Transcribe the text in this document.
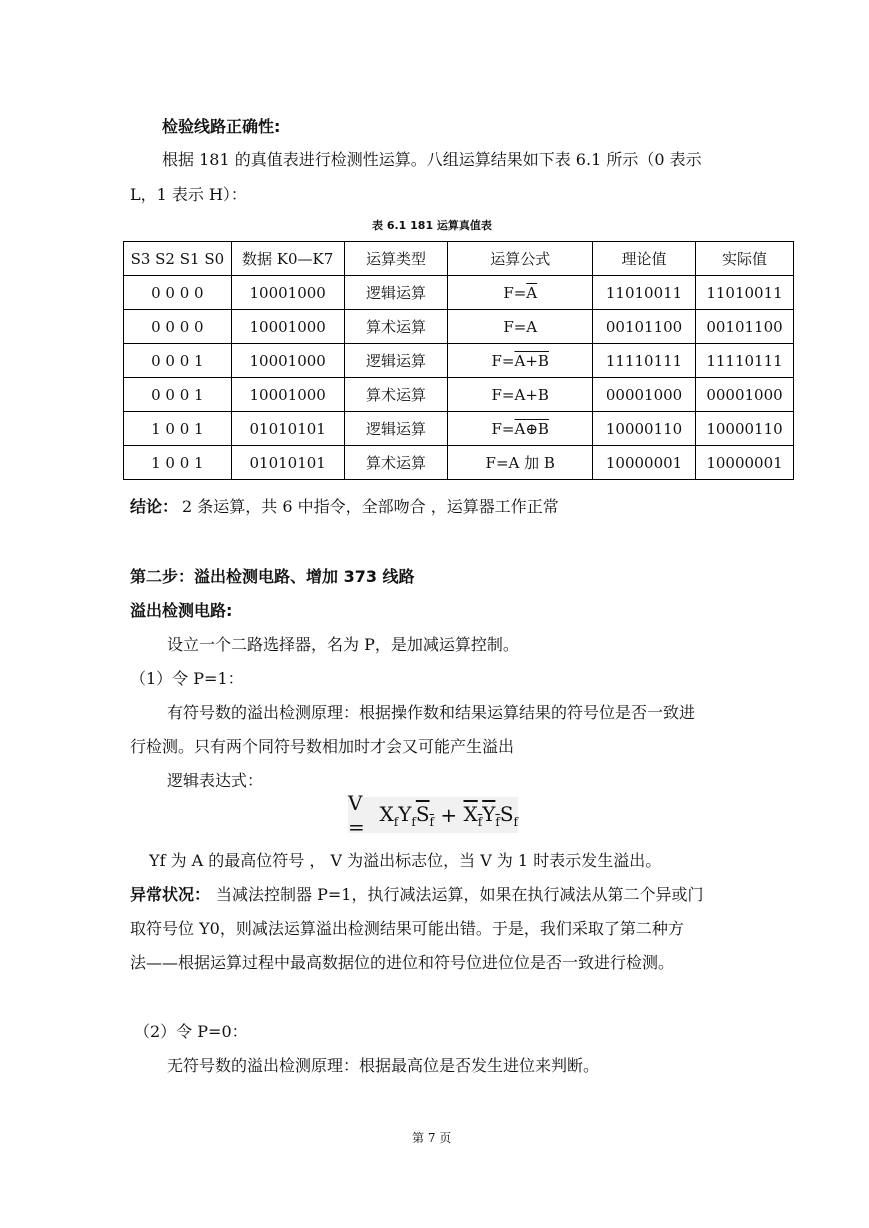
检验线路正确性:
根据 181 的真值表进行检测性运算。八组运算结果如下表 6.1 所示（0 表示
L，1 表示 H）：
表 6.1 181 运算真值表
S3 S2 S1 S0	数据 K0—K7	运算类型	运算公式	理论值	实际值
0 0 0 0	10001000	逻辑运算	$F=\overline{A}$	11010011	11010011
0 0 0 0	10001000	算术运算	F=A	00101100	00101100
0 0 0 1	10001000	逻辑运算	F=A+B	11110111	11110111
0 0 0 1	10001000	算术运算	F=A+B	00001000	00001000
1 0 0 1	01010101	逻辑运算	F=A⊕B	10000110	10000110
1 0 0 1	01010101	算术运算	F=A 加 B	10000001	10000001
结论： 2 条运算，共 6 中指令，全部吻合 ，运算器工作正常
第二步：溢出检测电路、增加 373 线路
溢出检测电路:
设立一个二路选择器，名为 P，是加减运算控制。
（1）令 P=1：
有符号数的溢出检测原理：根据操作数和结果运算结果的符号位是否一致进
行检测。只有两个同符号数相加时才会又可能产生溢出
逻辑表达式：
V =

$X_fY_f\overline{S}_{\overline{f}}$
+
$\overline{X}_{\overline{f}}\overline{Y}_{\overline{f}}S_f$
Yf 为 A 的最高位符号 ， V 为溢出标志位，当 V 为 1 时表示发生溢出。
异常状况： 当减法控制器 P=1，执行减法运算，如果在执行减法从第二个异或门
取符号位 Y0，则减法运算溢出检测结果可能出错。于是，我们采取了第二种方
法——根据运算过程中最高数据位的进位和符号位进位位是否一致进行检测。
（2）令 P=0：
无符号数的溢出检测原理：根据最高位是否发生进位来判断。
第 7 页
